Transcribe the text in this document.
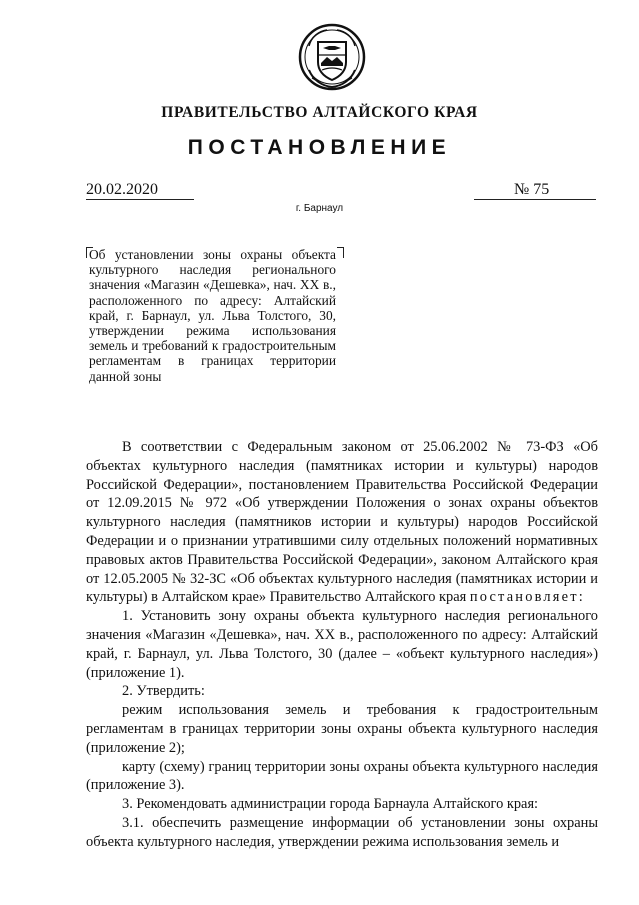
ПРАВИТЕЛЬСТВО АЛТАЙСКОГО КРАЯ
ПОСТАНОВЛЕНИЕ
20.02.2020	№ 75
г. Барнаул
Об установлении зоны охраны объекта культурного наследия регионального значения «Магазин «Дешевка», нач. XX в., расположенного по адресу: Алтайский край, г. Барнаул, ул. Льва Толстого, 30, утверждении режима использования земель и требований к градостроительным регламентам в границах территории данной зоны

В соответствии с Федеральным законом от 25.06.2002 № 73-ФЗ «Об объектах культурного наследия (памятниках истории и культуры) народов Российской Федерации», постановлением Правительства Российской Федерации от 12.09.2015 № 972 «Об утверждении Положения о зонах охраны объектов культурного наследия (памятников истории и культуры) народов Российской Федерации и о признании утратившими силу отдельных положений нормативных правовых актов Правительства Российской Федерации», законом Алтайского края от 12.05.2005 № 32-ЗС «Об объектах культурного наследия (памятниках истории и культуры) в Алтайском крае» Правительство Алтайского края постановляет:

1. Установить зону охраны объекта культурного наследия регионального значения «Магазин «Дешевка», нач. XX в., расположенного по адресу: Алтайский край, г. Барнаул, ул. Льва Толстого, 30 (далее – «объект культурного наследия») (приложение 1).

2. Утвердить:

режим использования земель и требования к градостроительным регламентам в границах территории зоны охраны объекта культурного наследия (приложение 2);

карту (схему) границ территории зоны охраны объекта культурного наследия (приложение 3).

3. Рекомендовать администрации города Барнаула Алтайского края:

3.1. обеспечить размещение информации об установлении зоны охраны объекта культурного наследия, утверждении режима использования земель и
